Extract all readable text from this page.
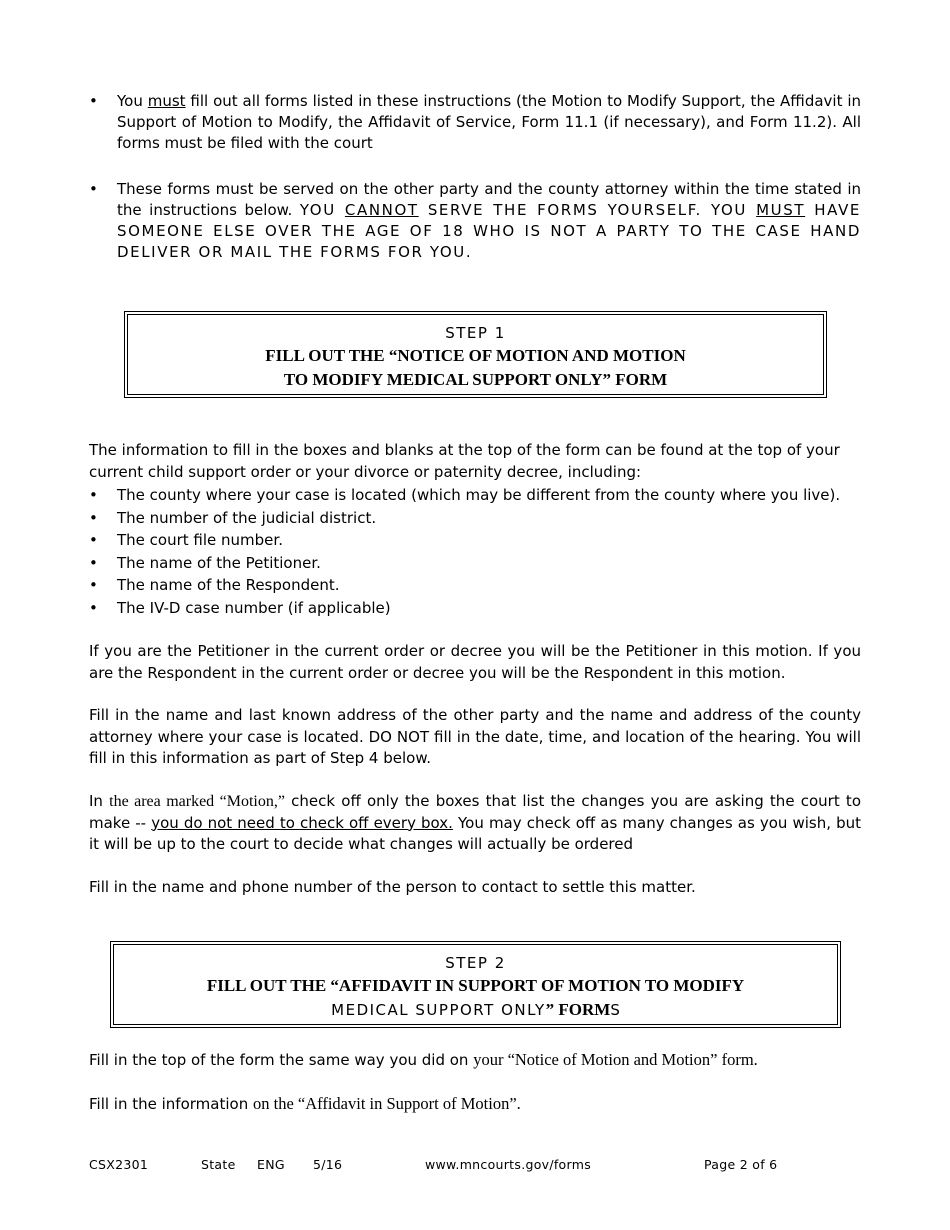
•	You must fill out all forms listed in these instructions (the Motion to Modify Support, the Affidavit in Support of Motion to Modify, the Affidavit of Service, Form 11.1 (if necessary), and Form 11.2). All forms must be filed with the court
•	These forms must be served on the other party and the county attorney within the time stated in the instructions below. YOU CANNOT SERVE THE FORMS YOURSELF. YOU MUST HAVE SOMEONE ELSE OVER THE AGE OF 18 WHO IS NOT A PARTY TO THE CASE HAND DELIVER OR MAIL THE FORMS FOR YOU.
STEP 1
FILL OUT THE “NOTICE OF MOTION AND MOTION
TO MODIFY MEDICAL SUPPORT ONLY” FORM
The information to fill in the boxes and blanks at the top of the form can be found at the top of your current child support order or your divorce or paternity decree, including:
•	The county where your case is located (which may be different from the county where you live).
•	The number of the judicial district.
•	The court file number.
•	The name of the Petitioner.
•	The name of the Respondent.
•	The IV-D case number (if applicable)
If you are the Petitioner in the current order or decree you will be the Petitioner in this motion. If you are the Respondent in the current order or decree you will be the Respondent in this motion.
Fill in the name and last known address of the other party and the name and address of the county attorney where your case is located. DO NOT fill in the date, time, and location of the hearing. You will fill in this information as part of Step 4 below.
In the area marked “Motion,” check off only the boxes that list the changes you are asking the court to make -- you do not need to check off every box. You may check off as many changes as you wish, but it will be up to the court to decide what changes will actually be ordered
Fill in the name and phone number of the person to contact to settle this matter.
STEP 2
FILL OUT THE “AFFIDAVIT IN SUPPORT OF MOTION TO MODIFY
MEDICAL SUPPORT ONLY” FORMS
Fill in the top of the form the same way you did on your “Notice of Motion and Motion” form.
Fill in the information on the “Affidavit in Support of Motion”.
CSX2301	State ENG 5/16	www.mncourts.gov/forms	Page 2 of 6
